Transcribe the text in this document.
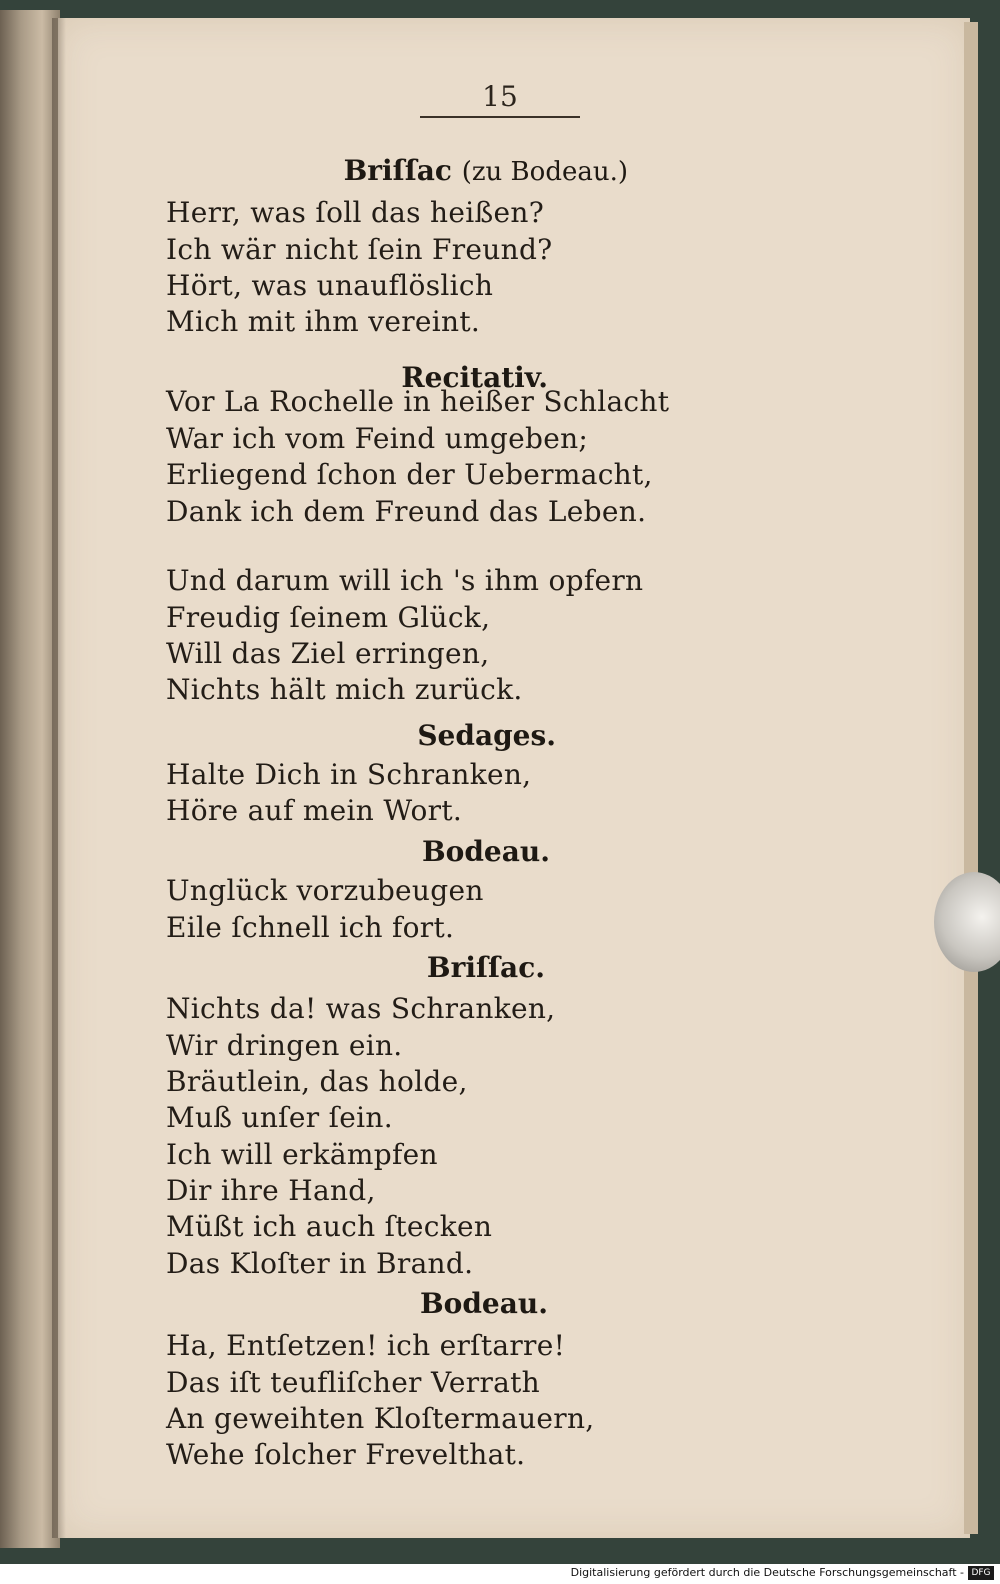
15
Briſſac (zu Bodeau.)
Herr, was ſoll das heißen?
Ich wär nicht ſein Freund?
Hört, was unauflöslich
Mich mit ihm vereint.
Recitativ.
Vor La Rochelle in heißer Schlacht
War ich vom Feind umgeben;
Erliegend ſchon der Uebermacht,
Dank ich dem Freund das Leben.
Und darum will ich 's ihm opfern
Freudig ſeinem Glück,
Will das Ziel erringen,
Nichts hält mich zurück.
Sedages.
Halte Dich in Schranken,
Höre auf mein Wort.
Bodeau.
Unglück vorzubeugen
Eile ſchnell ich fort.
Briſſac.
Nichts da! was Schranken,
Wir dringen ein.
Bräutlein, das holde,
Muß unſer ſein.
Ich will erkämpfen
Dir ihre Hand,
Müßt ich auch ſtecken
Das Kloſter in Brand.
Bodeau.
Ha, Entſetzen! ich erſtarre!
Das iſt teufliſcher Verrath
An geweihten Kloſtermauern,
Wehe ſolcher Frevelthat.
Digitalisierung gefördert durch die Deutsche Forschungsgemeinschaft - DFG
